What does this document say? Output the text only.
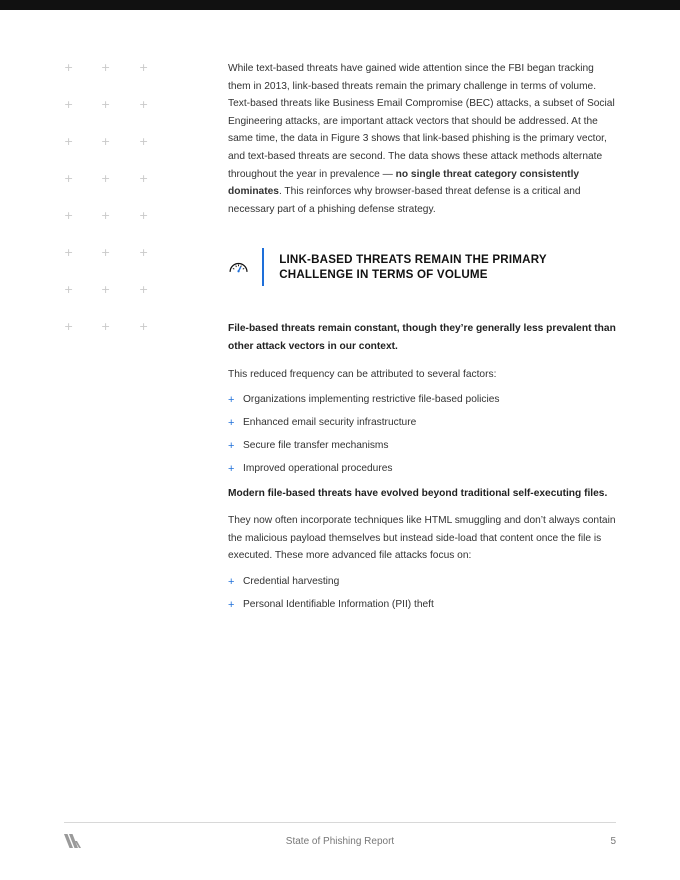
+	+	+
+	+	+
+	+	+
+	+	+
+	+	+
+	+	+
+	+	+
+	+	+

While text-based threats have gained wide attention since the FBI began tracking them in 2013, link-based threats remain the primary challenge in terms of volume. Text-based threats like Business Email Compromise (BEC) attacks, a subset of Social Engineering attacks, are important attack vectors that should be addressed. At the same time, the data in Figure 3 shows that link-based phishing is the primary vector, and text-based threats are second. The data shows these attack methods alternate throughout the year in prevalence — no single threat category consistently dominates. This reinforces why browser-based threat defense is a critical and necessary part of a phishing defense strategy.

LINK-BASED THREATS REMAIN THE PRIMARY CHALLENGE IN TERMS OF VOLUME

File-based threats remain constant, though they’re generally less prevalent than other attack vectors in our context.

This reduced frequency can be attributed to several factors:

+ Organizations implementing restrictive file-based policies
+ Enhanced email security infrastructure
+ Secure file transfer mechanisms
+ Improved operational procedures

Modern file-based threats have evolved beyond traditional self-executing files.

They now often incorporate techniques like HTML smuggling and don’t always contain the malicious payload themselves but instead side-load that content once the file is executed. These more advanced file attacks focus on:

+ Credential harvesting
+ Personal Identifiable Information (PII) theft
State of Phishing Report	5
